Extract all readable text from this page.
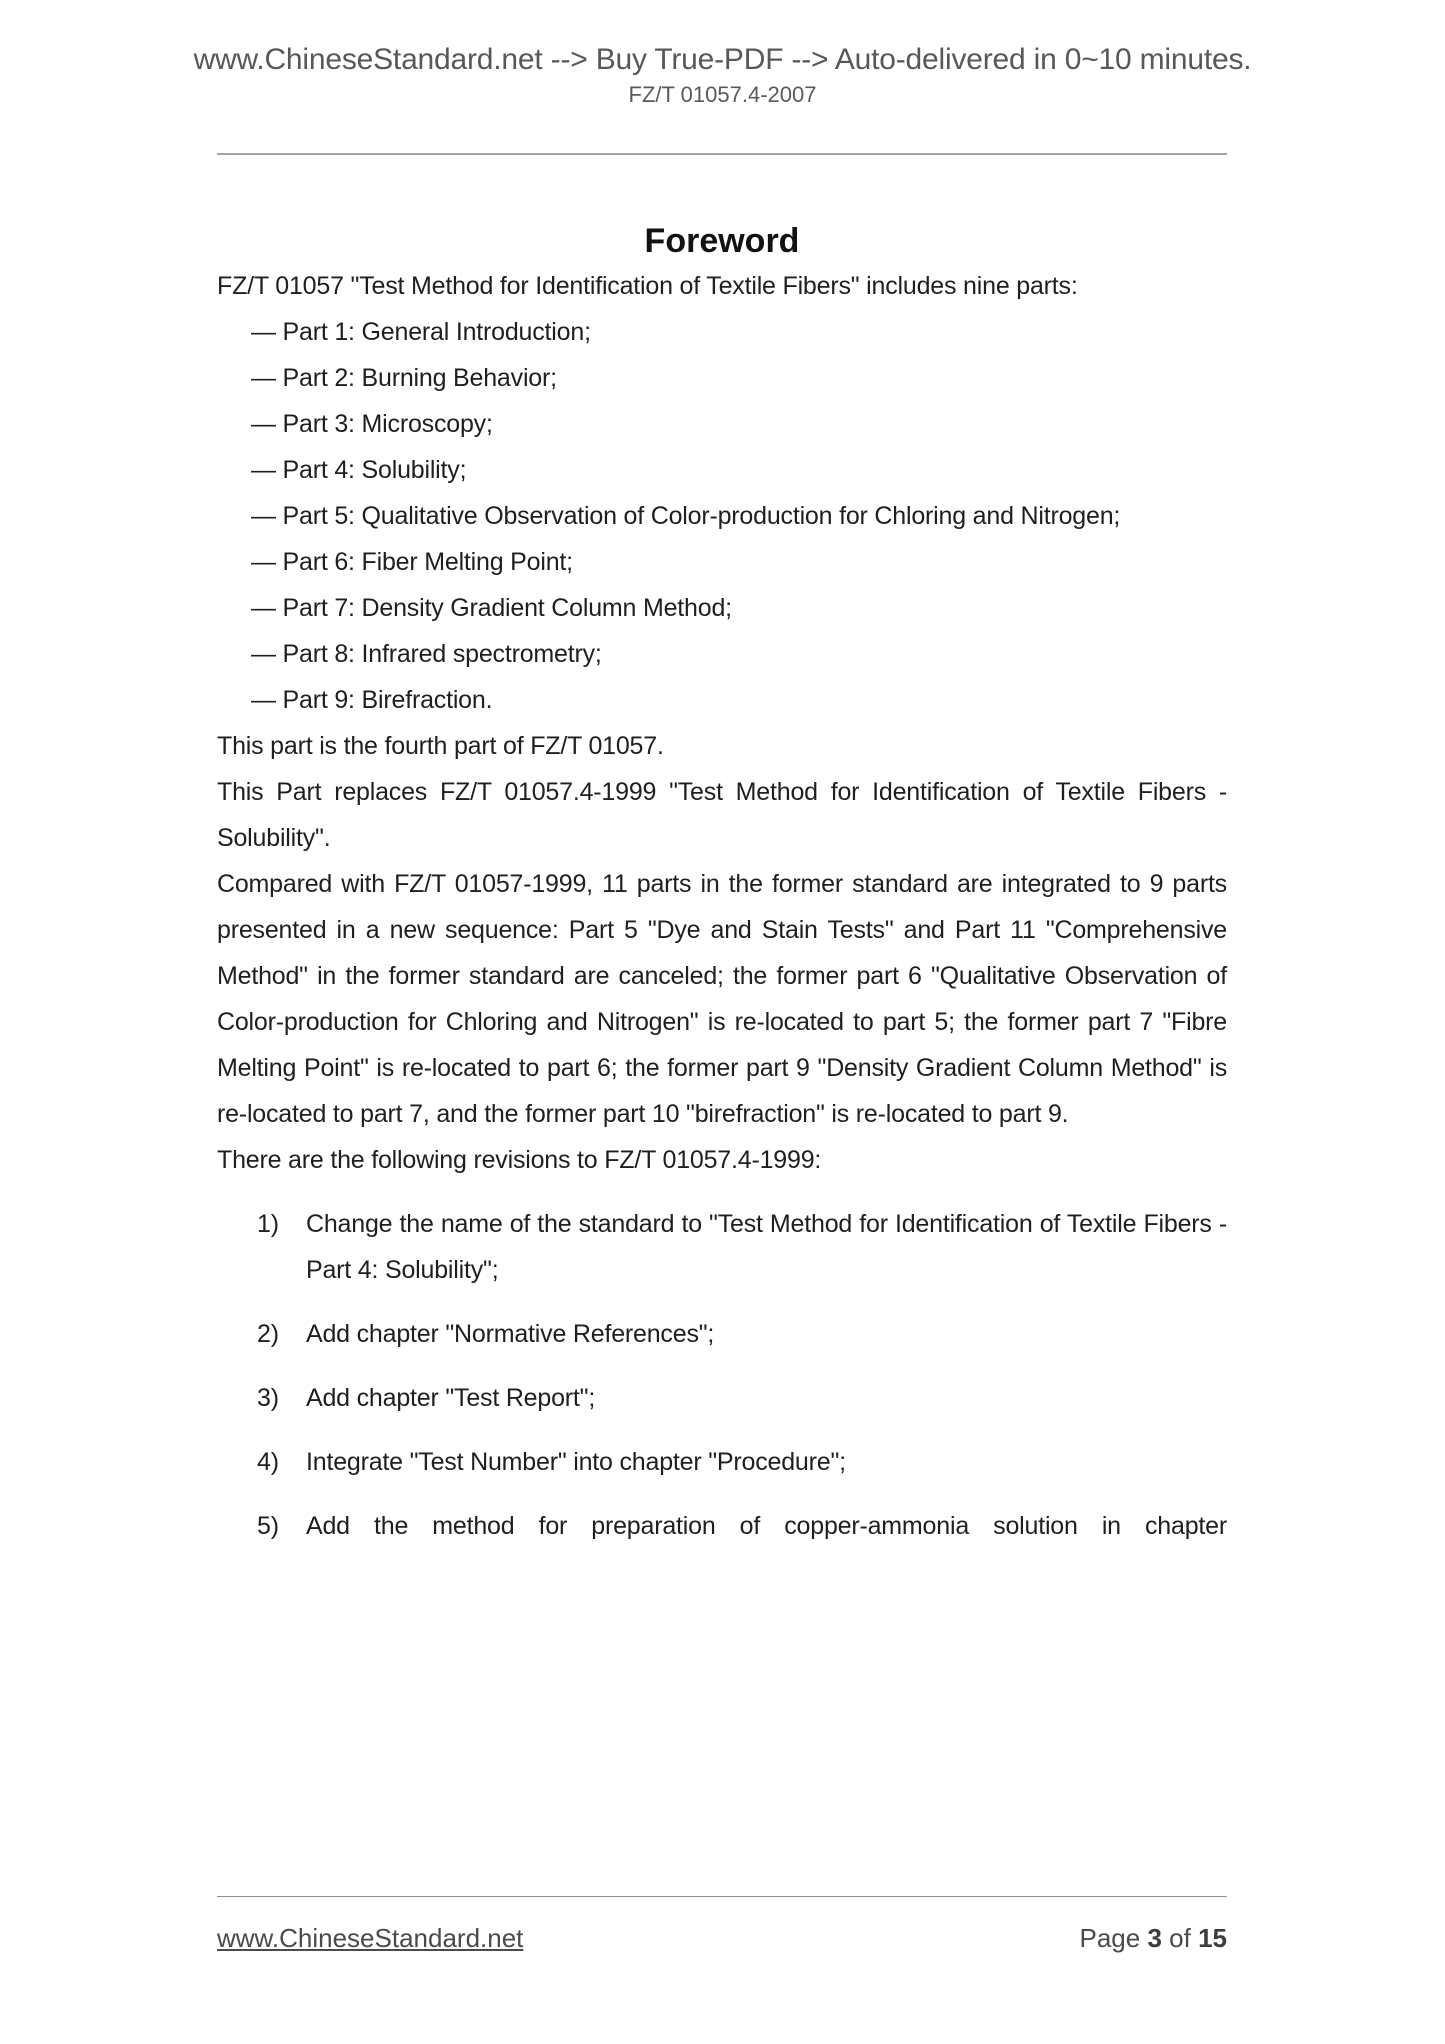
www.ChineseStandard.net --> Buy True-PDF --> Auto-delivered in 0~10 minutes.
FZ/T 01057.4-2007
Foreword

FZ/T 01057 "Test Method for Identification of Textile Fibers" includes nine parts:

— Part 1: General Introduction;

— Part 2: Burning Behavior;

— Part 3: Microscopy;

— Part 4: Solubility;

— Part 5: Qualitative Observation of Color-production for Chloring and Nitrogen;

— Part 6: Fiber Melting Point;

— Part 7: Density Gradient Column Method;

— Part 8: Infrared spectrometry;

— Part 9: Birefraction.

This part is the fourth part of FZ/T 01057.

This Part replaces FZ/T 01057.4-1999 "Test Method for Identification of Textile Fibers - Solubility".

Compared with FZ/T 01057-1999, 11 parts in the former standard are integrated to 9 parts presented in a new sequence: Part 5 "Dye and Stain Tests" and Part 11 "Comprehensive Method" in the former standard are canceled; the former part 6 "Qualitative Observation of Color-production for Chloring and Nitrogen" is re-located to part 5; the former part 7 "Fibre Melting Point" is re-located to part 6; the former part 9 "Density Gradient Column Method" is re-located to part 7, and the former part 10 "birefraction" is re-located to part 9.

There are the following revisions to FZ/T 01057.4-1999:

1) Change the name of the standard to "Test Method for Identification of Textile Fibers - Part 4: Solubility";
2) Add chapter "Normative References";
3) Add chapter "Test Report";
4) Integrate "Test Number" into chapter "Procedure";
5) Add the method for preparation of copper-ammonia solution in chapter
www.ChineseStandard.net	Page 3 of 15
